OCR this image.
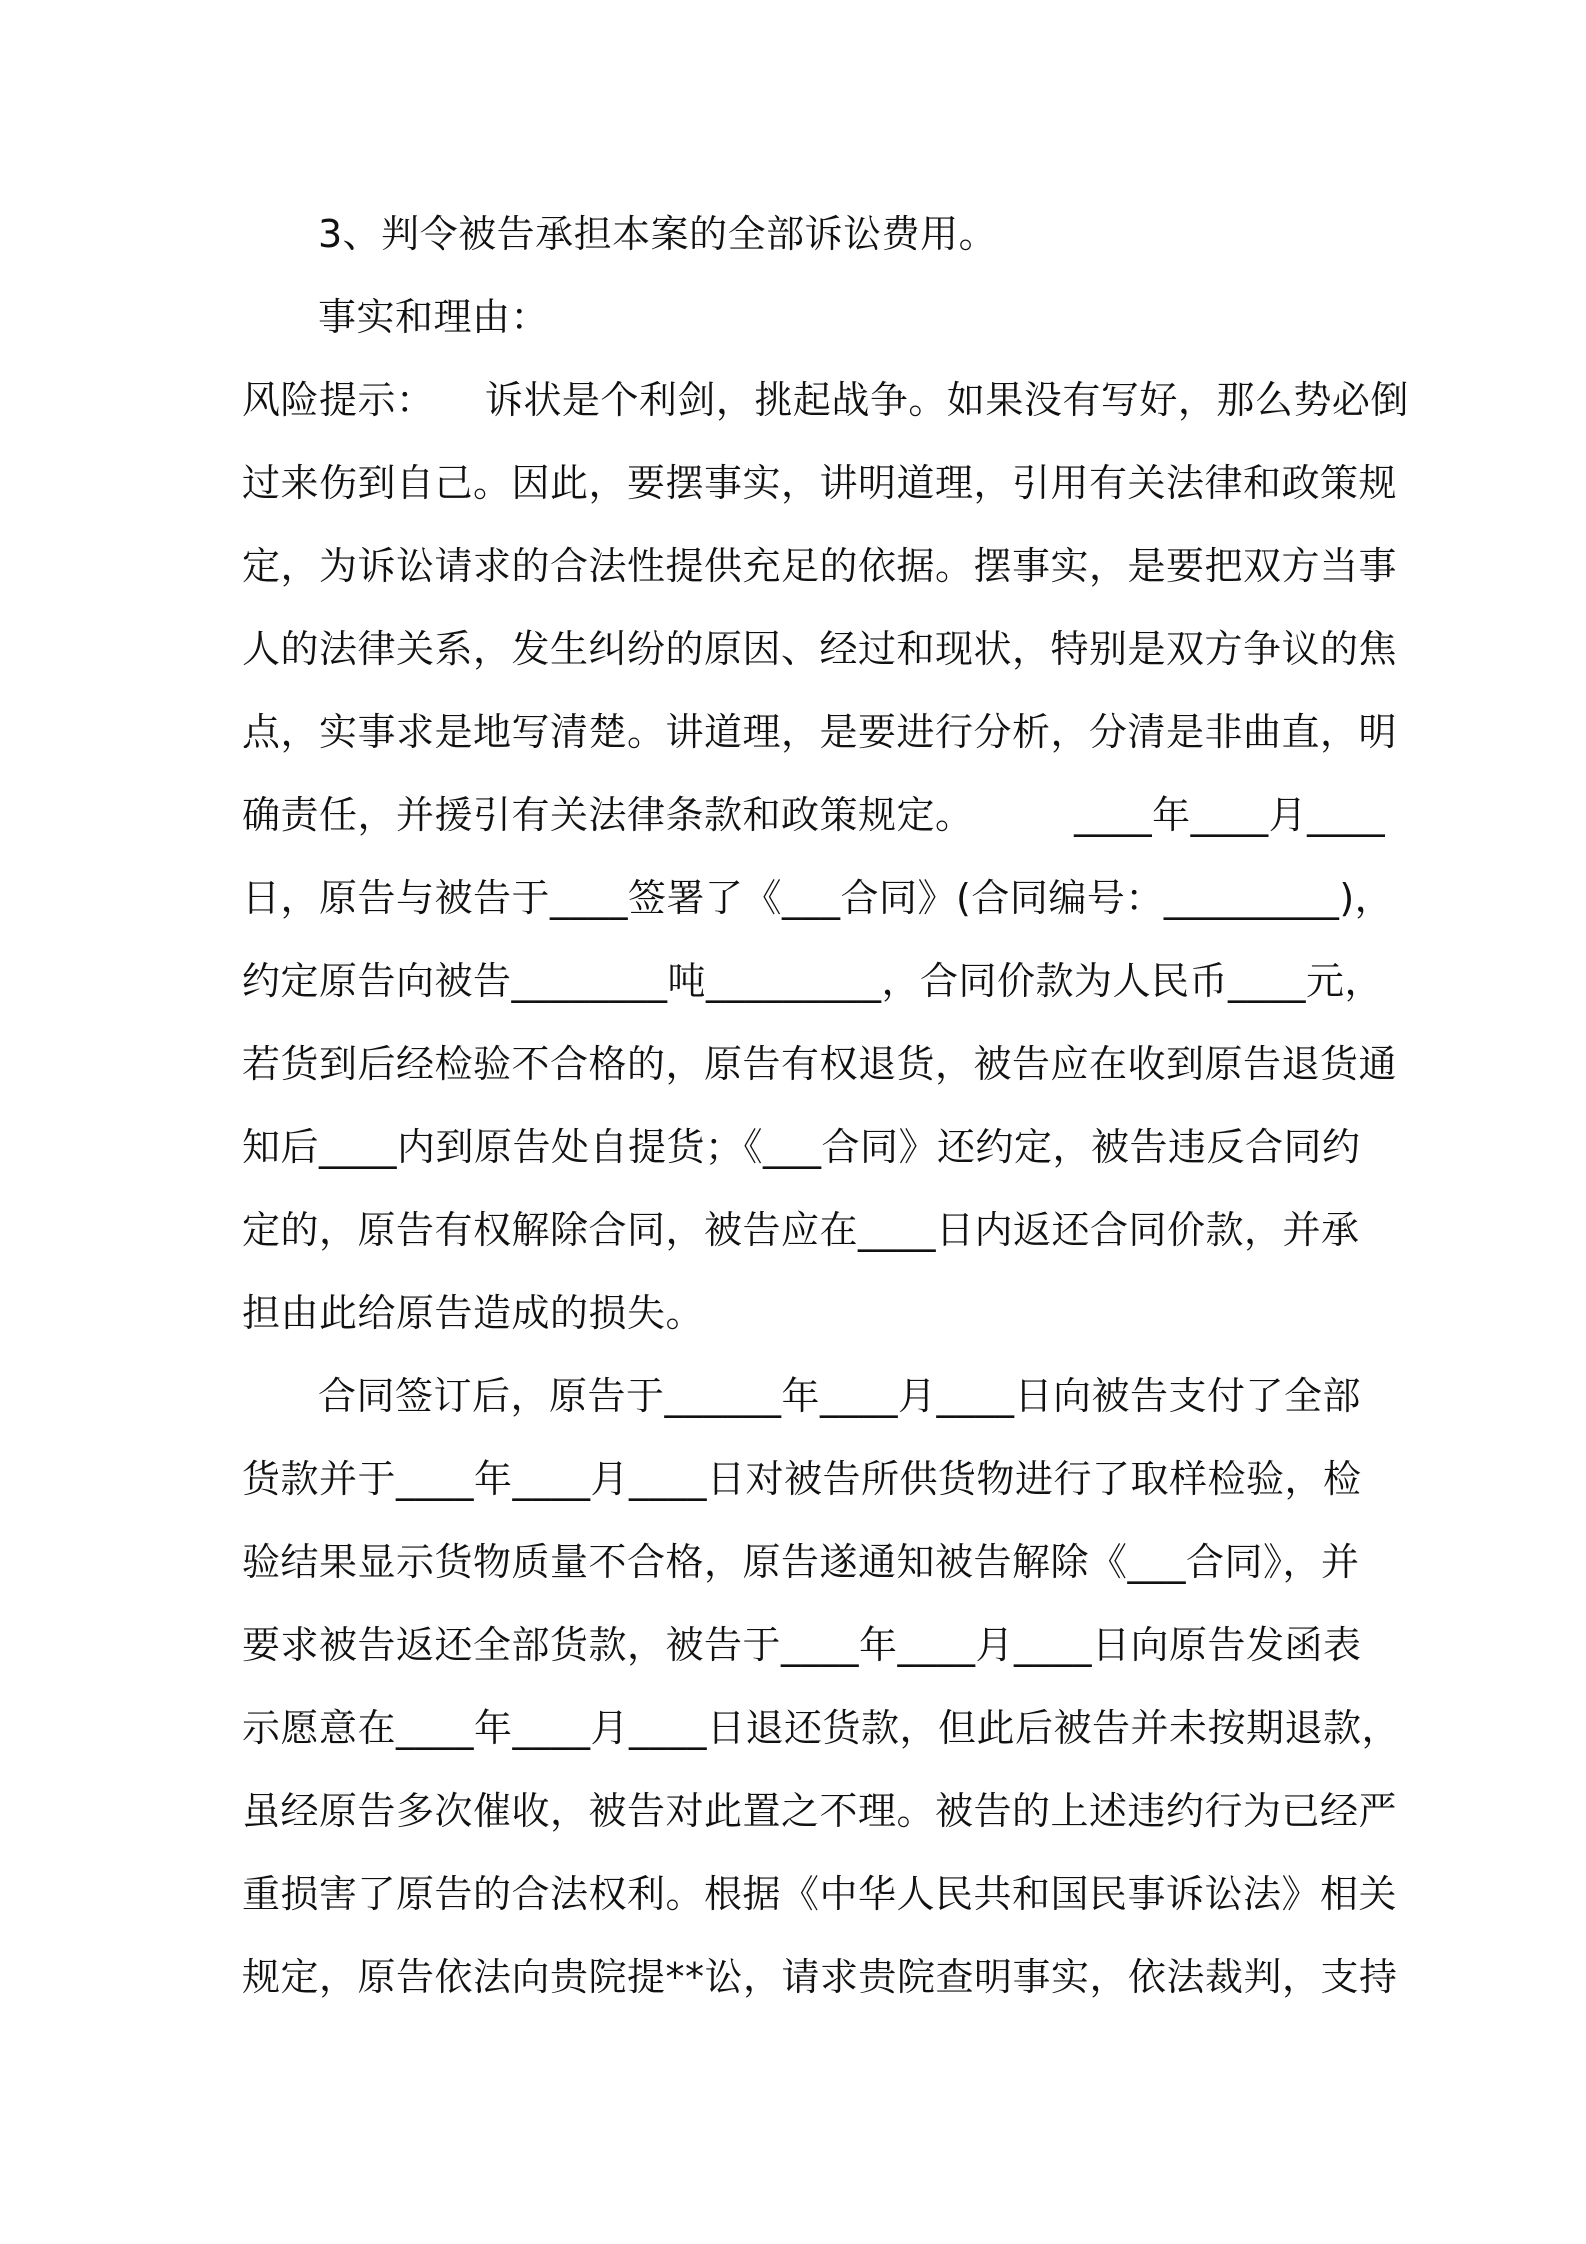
3、判令被告承担本案的全部诉讼费用。
事实和理由：
风险提示：    诉状是个利剑，挑起战争。如果没有写好，那么势必倒
过来伤到自己。因此，要摆事实，讲明道理，引用有关法律和政策规
定，为诉讼请求的合法性提供充足的依据。摆事实，是要把双方当事
人的法律关系，发生纠纷的原因、经过和现状，特别是双方争议的焦
点，实事求是地写清楚。讲道理，是要进行分析，分清是非曲直，明
确责任，并援引有关法律条款和政策规定。        ____年____月____
日，原告与被告于____签署了《___合同》(合同编号：_________)，
约定原告向被告________吨_________，合同价款为人民币____元，
若货到后经检验不合格的，原告有权退货，被告应在收到原告退货通
知后____内到原告处自提货；《___合同》还约定，被告违反合同约
定的，原告有权解除合同，被告应在____日内返还合同价款，并承
担由此给原告造成的损失。
合同签订后，原告于______年____月____日向被告支付了全部
货款并于____年____月____日对被告所供货物进行了取样检验，检
验结果显示货物质量不合格，原告遂通知被告解除《___合同》，并
要求被告返还全部货款，被告于____年____月____日向原告发函表
示愿意在____年____月____日退还货款，但此后被告并未按期退款，
虽经原告多次催收，被告对此置之不理。被告的上述违约行为已经严
重损害了原告的合法权利。根据《中华人民共和国民事诉讼法》相关
规定，原告依法向贵院提**讼，请求贵院查明事实，依法裁判，支持
